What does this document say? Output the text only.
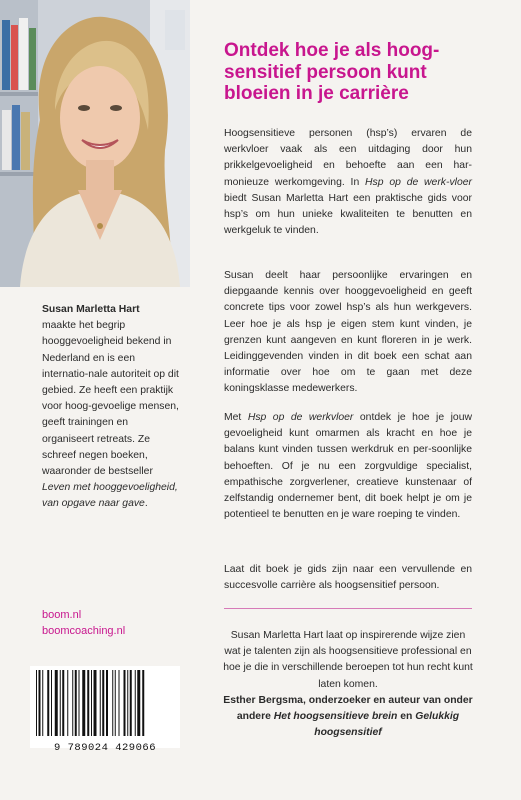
Susan Marletta Hart
maakte het begrip hooggevoeligheid bekend in Nederland en is een internatio-nale autoriteit op dit gebied. Ze heeft een praktijk voor hoog-gevoelige mensen, geeft trainingen en organiseert retreats. Ze schreef negen boeken, waaronder de bestseller Leven met hooggevoeligheid, van opgave naar gave.
boom.nl
boomcoaching.nl
9 789024 429066
Ontdek hoe je als hoog-sensitief persoon kunt bloeien in je carrière

Hoogsensitieve personen (hsp’s) ervaren de werkvloer vaak als een uitdaging door hun prikkelgevoeligheid en behoefte aan een har-monieuze werkomgeving. In Hsp op de werk-vloer biedt Susan Marletta Hart een praktische gids voor hsp’s om hun unieke kwaliteiten te benutten en werkgeluk te vinden.

Susan deelt haar persoonlijke ervaringen en diepgaande kennis over hooggevoeligheid en geeft concrete tips voor zowel hsp’s als hun werkgevers. Leer hoe je als hsp je eigen stem kunt vinden, je grenzen kunt aangeven en kunt floreren in je werk. Leidinggevenden vinden in dit boek een schat aan informatie over hoe om te gaan met deze koningsklasse medewerkers.

Met Hsp op de werkvloer ontdek je hoe je jouw gevoeligheid kunt omarmen als kracht en hoe je balans kunt vinden tussen werkdruk en per-soonlijke behoeften. Of je nu een zorgvuldige specialist, empathische zorgverlener, creatieve kunstenaar of zelfstandig ondernemer bent, dit boek helpt je om je potentieel te benutten en je ware roeping te vinden.

Laat dit boek je gids zijn naar een vervullende en succesvolle carrière als hoogsensitief persoon.

Susan Marletta Hart laat op inspirerende wijze zien wat je talenten zijn als hoogsensitieve professional en hoe je die in verschillende beroepen tot hun recht kunt laten komen.
Esther Bergsma, onderzoeker en auteur van onder andere Het hoogsensitieve brein en Gelukkig hoogsensitief
